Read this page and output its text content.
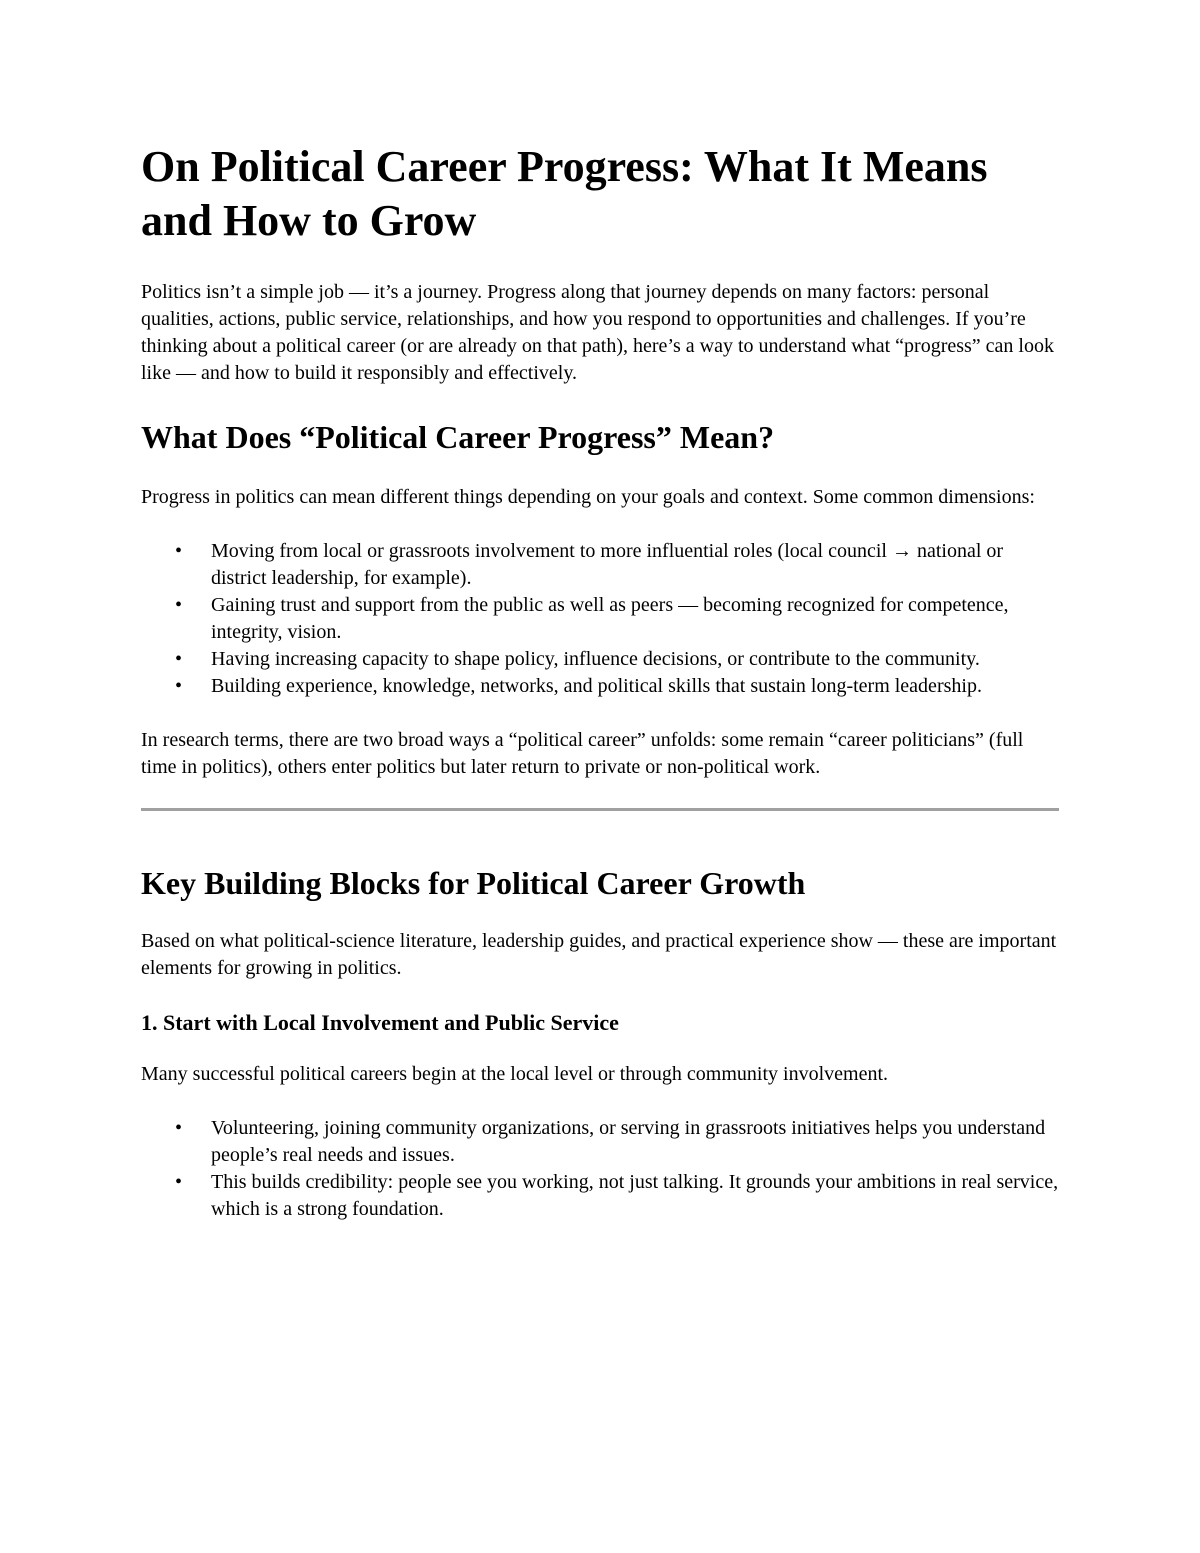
On Political Career Progress: What It Means and How to Grow

Politics isn’t a simple job — it’s a journey. Progress along that journey depends on many factors: personal qualities, actions, public service, relationships, and how you respond to opportunities and challenges. If you’re thinking about a political career (or are already on that path), here’s a way to understand what “progress” can look like — and how to build it responsibly and effectively.

What Does “Political Career Progress” Mean?

Progress in politics can mean different things depending on your goals and context. Some common dimensions:

• Moving from local or grassroots involvement to more influential roles (local council → national or district leadership, for example).
• Gaining trust and support from the public as well as peers — becoming recognized for competence, integrity, vision.
• Having increasing capacity to shape policy, influence decisions, or contribute to the community.
• Building experience, knowledge, networks, and political skills that sustain long-term leadership.

In research terms, there are two broad ways a “political career” unfolds: some remain “career politicians” (full time in politics), others enter politics but later return to private or non-political work.

Key Building Blocks for Political Career Growth

Based on what political-science literature, leadership guides, and practical experience show — these are important elements for growing in politics.

1. Start with Local Involvement and Public Service

Many successful political careers begin at the local level or through community involvement.

• Volunteering, joining community organizations, or serving in grassroots initiatives helps you understand people’s real needs and issues.
• This builds credibility: people see you working, not just talking. It grounds your ambitions in real service, which is a strong foundation.
